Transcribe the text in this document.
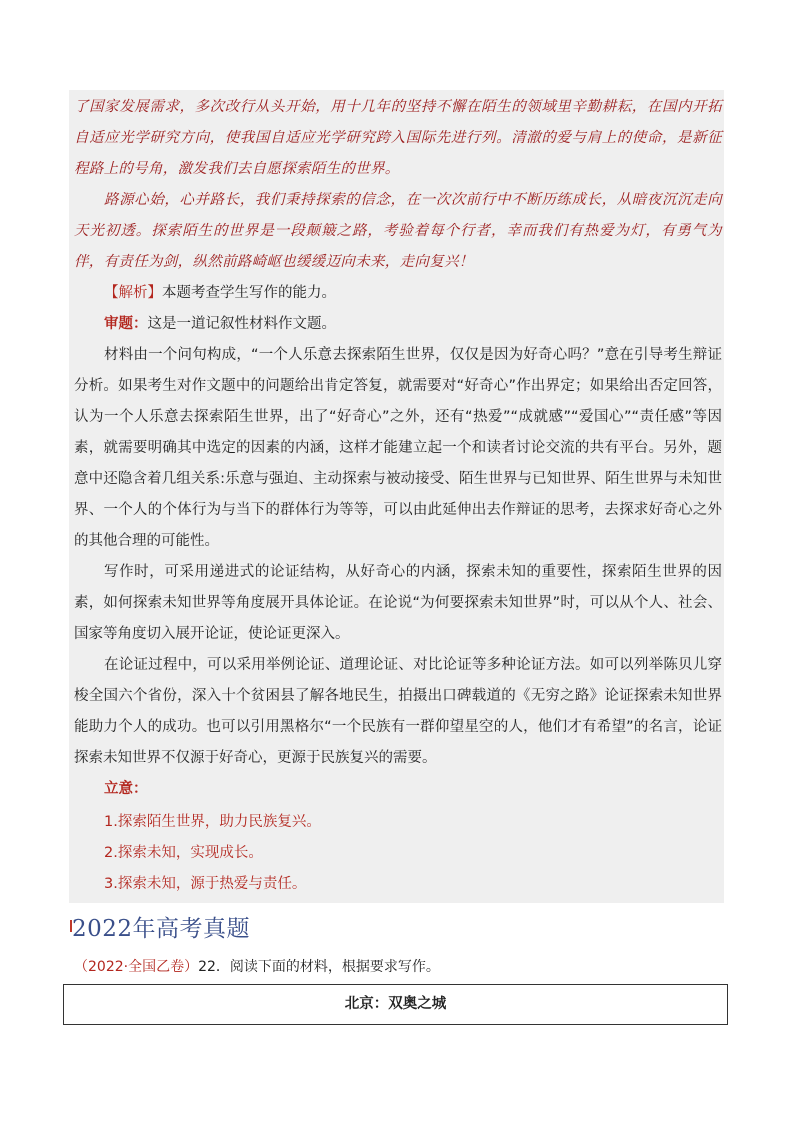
了国家发展需求，多次改行从头开始，用十几年的坚持不懈在陌生的领域里辛勤耕耘，在国内开拓自适应光学研究方向，使我国自适应光学研究跨入国际先进行列。清澈的爱与肩上的使命，是新征程路上的号角，激发我们去自愿探索陌生的世界。

路源心始，心并路长，我们秉持探索的信念，在一次次前行中不断历练成长，从暗夜沉沉走向天光初透。探索陌生的世界是一段颠簸之路，考验着每个行者，幸而我们有热爱为灯，有勇气为伴，有责任为剑，纵然前路崎岖也缓缓迈向未来，走向复兴！

【解析】本题考查学生写作的能力。

审题：这是一道记叙性材料作文题。

材料由一个问句构成，“一个人乐意去探索陌生世界，仅仅是因为好奇心吗？”意在引导考生辩证分析。如果考生对作文题中的问题给出肯定答复，就需要对“好奇心”作出界定；如果给出否定回答，认为一个人乐意去探索陌生世界，出了“好奇心”之外，还有“热爱”“成就感”“爱国心”“责任感”等因素，就需要明确其中选定的因素的内涵，这样才能建立起一个和读者讨论交流的共有平台。另外，题意中还隐含着几组关系:乐意与强迫、主动探索与被动接受、陌生世界与已知世界、陌生世界与未知世界、一个人的个体行为与当下的群体行为等等，可以由此延伸出去作辩证的思考，去探求好奇心之外的其他合理的可能性。

写作时，可采用递进式的论证结构，从好奇心的内涵，探索未知的重要性，探索陌生世界的因素，如何探索未知世界等角度展开具体论证。在论说“为何要探索未知世界”时，可以从个人、社会、国家等角度切入展开论证，使论证更深入。

在论证过程中，可以采用举例论证、道理论证、对比论证等多种论证方法。如可以列举陈贝儿穿梭全国六个省份，深入十个贫困县了解各地民生，拍摄出口碑载道的《无穷之路》论证探索未知世界能助力个人的成功。也可以引用黑格尔“一个民族有一群仰望星空的人，他们才有希望”的名言，论证探索未知世界不仅源于好奇心，更源于民族复兴的需要。

立意：
1.探索陌生世界，助力民族复兴。
2.探索未知，实现成长。
3.探索未知，源于热爱与责任。
2022年高考真题
（2022·全国乙卷）22．阅读下面的材料，根据要求写作。
北京：双奥之城
